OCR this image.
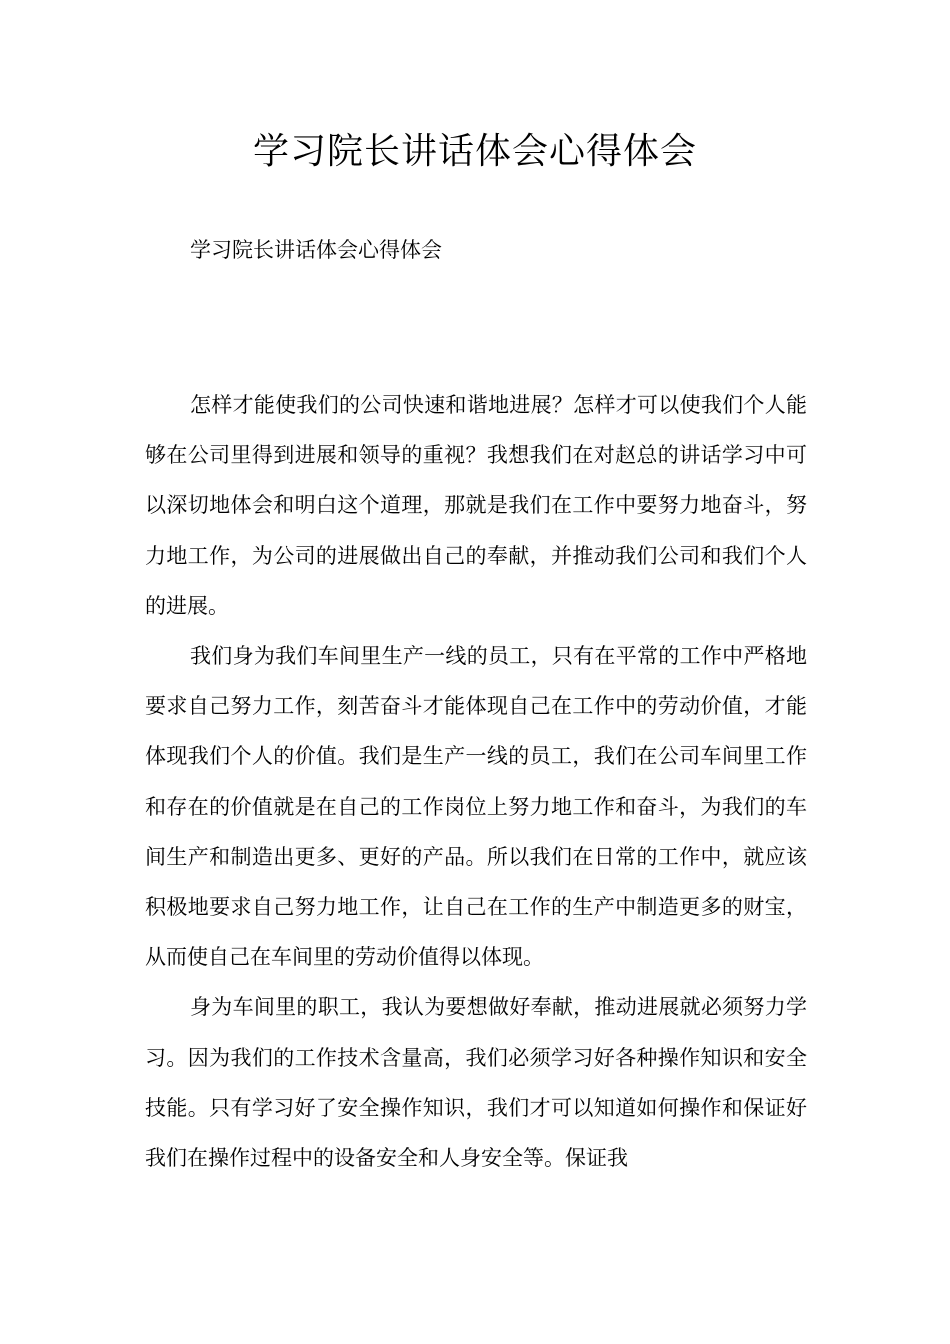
学习院长讲话体会心得体会

学习院长讲话体会心得体会

怎样才能使我们的公司快速和谐地进展？怎样才可以使我们个人能够在公司里得到进展和领导的重视？我想我们在对赵总的讲话学习中可以深切地体会和明白这个道理，那就是我们在工作中要努力地奋斗，努力地工作，为公司的进展做出自己的奉献，并推动我们公司和我们个人的进展。

我们身为我们车间里生产一线的员工，只有在平常的工作中严格地要求自己努力工作，刻苦奋斗才能体现自己在工作中的劳动价值，才能体现我们个人的价值。我们是生产一线的员工，我们在公司车间里工作和存在的价值就是在自己的工作岗位上努力地工作和奋斗，为我们的车间生产和制造出更多、更好的产品。所以我们在日常的工作中，就应该积极地要求自己努力地工作，让自己在工作的生产中制造更多的财宝，从而使自己在车间里的劳动价值得以体现。

身为车间里的职工，我认为要想做好奉献，推动进展就必须努力学习。因为我们的工作技术含量高，我们必须学习好各种操作知识和安全技能。只有学习好了安全操作知识，我们才可以知道如何操作和保证好我们在操作过程中的设备安全和人身安全等。保证我
